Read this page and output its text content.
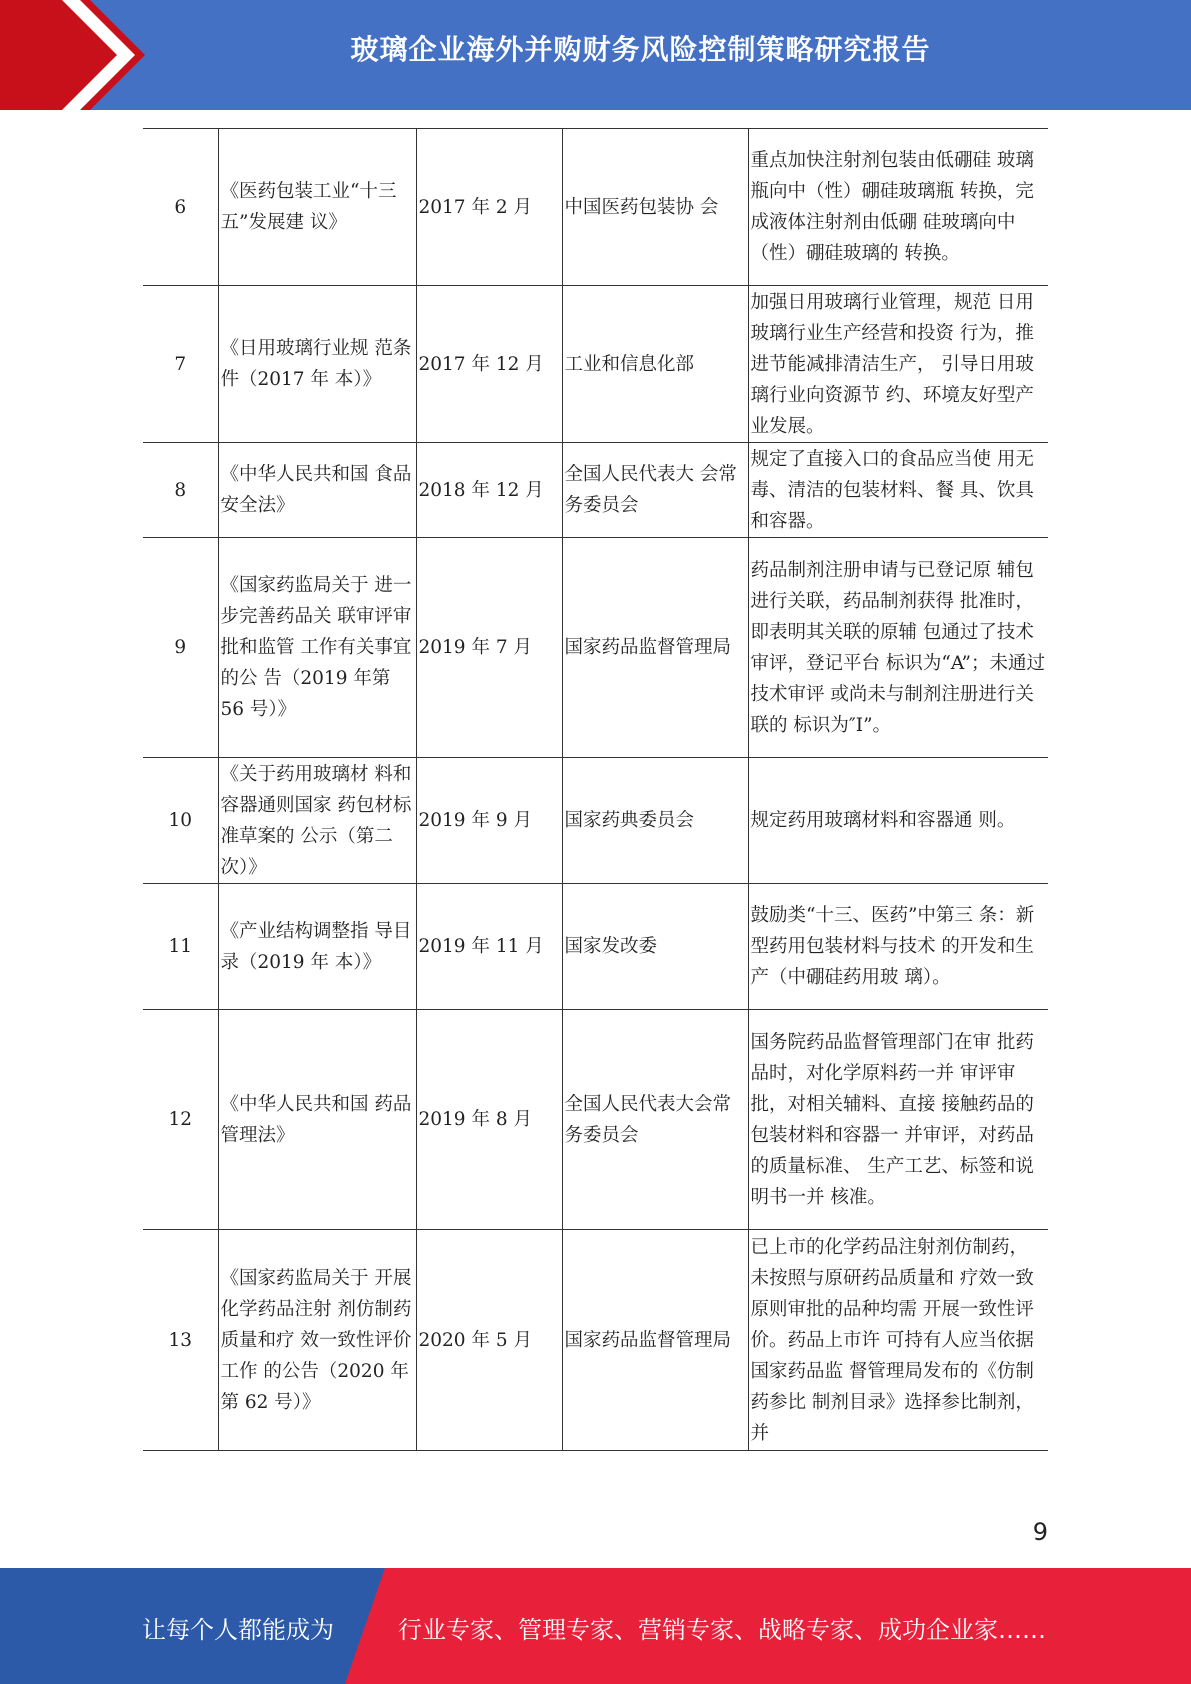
玻璃企业海外并购财务风险控制策略研究报告
6	《医药包装工业“十三五”发展建 议》	2017 年 2 月	中国医药包装协 会	重点加快注射剂包装由低硼硅 玻璃瓶向中（性）硼硅玻璃瓶 转换，完成液体注射剂由低硼 硅玻璃向中（性）硼硅玻璃的 转换。
7	《日用玻璃行业规 范条件（2017 年 本）》	2017 年 12 月	工业和信息化部	加强日用玻璃行业管理，规范 日用玻璃行业生产经营和投资 行为，推进节能减排清洁生产， 引导日用玻璃行业向资源节 约、环境友好型产业发展。
8	《中华人民共和国 食品安全法》	2018 年 12 月	全国人民代表大 会常务委员会	规定了直接入口的食品应当使 用无毒、清洁的包装材料、餐 具、饮具和容器。
9	《国家药监局关于 进一步完善药品关 联审评审批和监管 工作有关事宜的公 告（2019 年第 56 号）》	2019 年 7 月	国家药品监督管理局	药品制剂注册申请与已登记原 辅包进行关联，药品制剂获得 批准时，即表明其关联的原辅 包通过了技术审评，登记平台 标识为“A”；未通过技术审评 或尚未与制剂注册进行关联的 标识为″I”。
10	《关于药用玻璃材 料和容器通则国家 药包材标准草案的 公示（第二次）》	2019 年 9 月	国家药典委员会	规定药用玻璃材料和容器通 则。
11	《产业结构调整指 导目录（2019 年 本）》	2019 年 11 月	国家发改委	鼓励类“十三、医药”中第三 条：新型药用包装材料与技术 的开发和生产（中硼硅药用玻 璃）。
12	《中华人民共和国 药品管理法》	2019 年 8 月	全国人民代表大会常务委员会	国务院药品监督管理部门在审 批药品时，对化学原料药一并 审评审批，对相关辅料、直接 接触药品的包装材料和容器一 并审评，对药品的质量标准、 生产工艺、标签和说明书一并 核准。
13	《国家药监局关于 开展化学药品注射 剂仿制药质量和疗 效一致性评价工作 的公告（2020 年第 62 号）》	2020 年 5 月	国家药品监督管理局	已上市的化学药品注射剂仿制药，未按照与原研药品质量和 疗效一致原则审批的品种均需 开展一致性评价。药品上市许 可持有人应当依据国家药品监 督管理局发布的《仿制药参比 制剂目录》选择参比制剂，并
9
让每个人都能成为	行业专家、管理专家、营销专家、战略专家、成功企业家……
